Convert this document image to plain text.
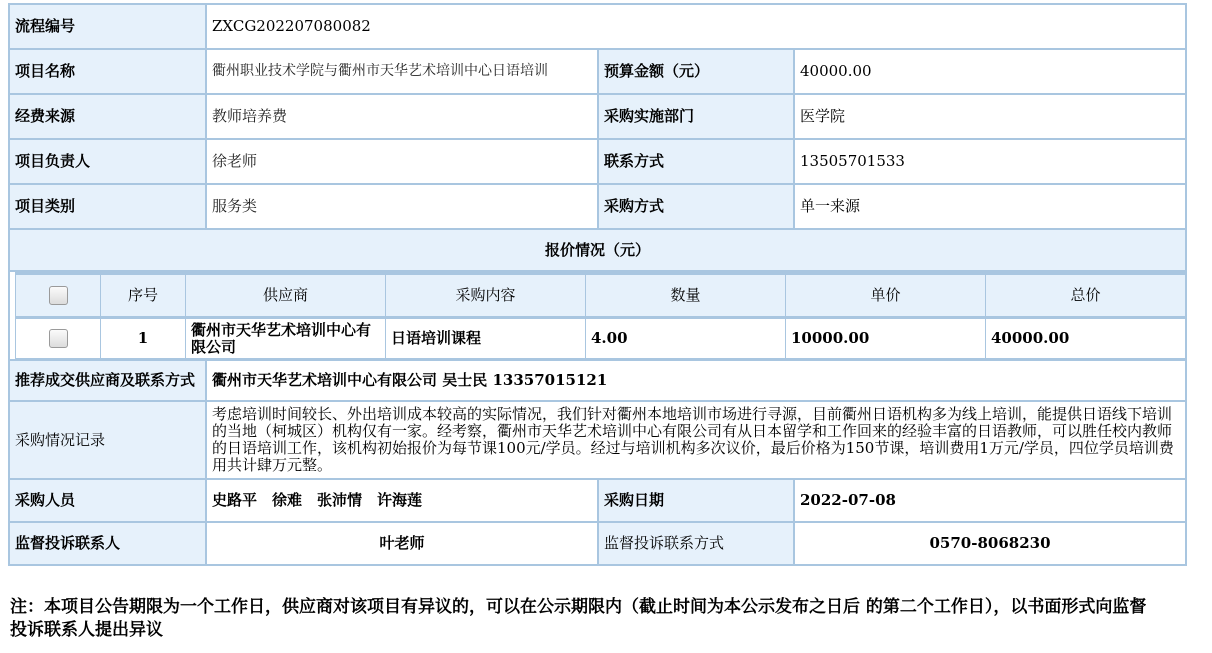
流程编号	ZXCG202207080082
项目名称	衢州职业技术学院与衢州市天华艺术培训中心日语培训	预算金额（元）	40000.00
经费来源	教师培养费	采购实施部门	医学院
项目负责人	徐老师	联系方式	13505701533
项目类别	服务类	采购方式	单一来源
报价情况（元）

	序号	供应商	采购内容	数量	单价	总价
	1	衢州市天华艺术培训中心有限公司	日语培训课程	4.00	10000.00	40000.00

推荐成交供应商及联系方式	衢州市天华艺术培训中心有限公司 吴士民 13357015121
采购情况记录	考虑培训时间较长、外出培训成本较高的实际情况，我们针对衢州本地培训市场进行寻源，目前衢州日语机构多为线上培训，能提供日语线下培训的当地（柯城区）机构仅有一家。经考察，衢州市天华艺术培训中心有限公司有从日本留学和工作回来的经验丰富的日语教师，可以胜任校内教师的日语培训工作，该机构初始报价为每节课100元/学员。经过与培训机构多次议价，最后价格为150节课，培训费用1万元/学员，四位学员培训费用共计肆万元整。
采购人员	史路平　徐难　张沛情　许海莲	采购日期	2022-07-08
监督投诉联系人	叶老师	监督投诉联系方式	0570-8068230
注：本项目公告期限为一个工作日，供应商对该项目有异议的，可以在公示期限内（截止时间为本公示发布之日后 的第二个工作日），以书面形式向监督投诉联系人提出异议
